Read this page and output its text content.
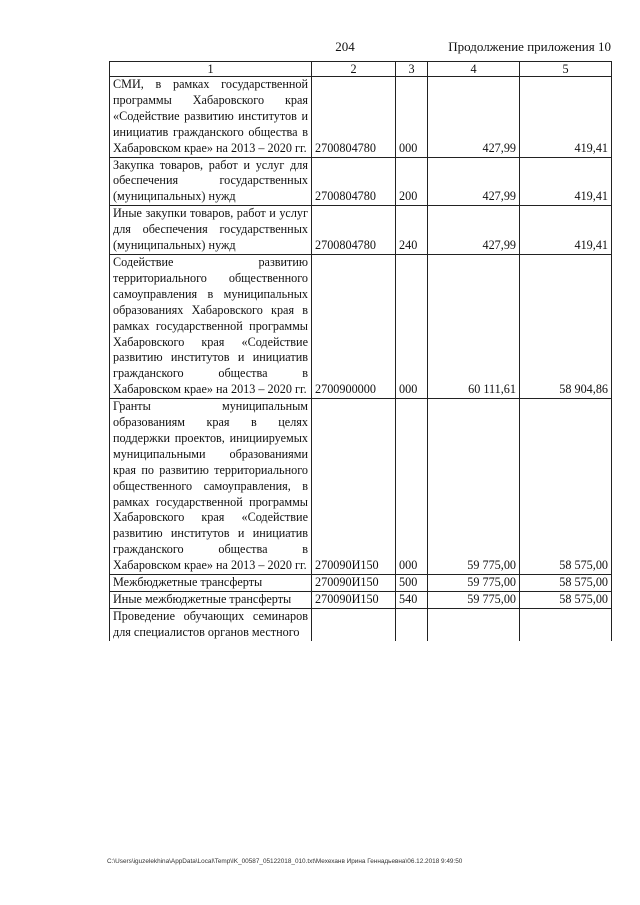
204	Продолжение приложения 10
1	2	3	4	5
СМИ, в рамках государственной программы Хабаровского края «Содействие развитию институтов и инициатив гражданского общества в Хабаровском крае» на 2013 – 2020 гг.	2700804780	000	427,99	419,41
Закупка товаров, работ и услуг для обеспечения государственных (муниципальных) нужд	2700804780	200	427,99	419,41
Иные закупки товаров, работ и услуг для обеспечения государственных (муниципальных) нужд	2700804780	240	427,99	419,41
Содействие развитию территориального общественного самоуправления в муниципальных образованиях Хабаровского края в рамках государственной программы Хабаровского края «Содействие развитию институтов и инициатив гражданского общества в Хабаровском крае» на 2013 – 2020 гг.	2700900000	000	60 111,61	58 904,86
Гранты муниципальным образованиям края в целях поддержки проектов, инициируемых муниципальными образованиями края по развитию территориального общественного самоуправления, в рамках государственной программы Хабаровского края «Содействие развитию институтов и инициатив гражданского общества в Хабаровском крае» на 2013 – 2020 гг.	270090И150	000	59 775,00	58 575,00
Межбюджетные трансферты	270090И150	500	59 775,00	58 575,00
Иные межбюджетные трансферты	270090И150	540	59 775,00	58 575,00
Проведение обучающих семинаров для специалистов органов местного				
C:\Users\iguzelekhina\AppData\Local\Temp\IK_00587_05122018_010.txt\Мехеханв Ирина Геннадьевна\06.12.2018 9:49:50
